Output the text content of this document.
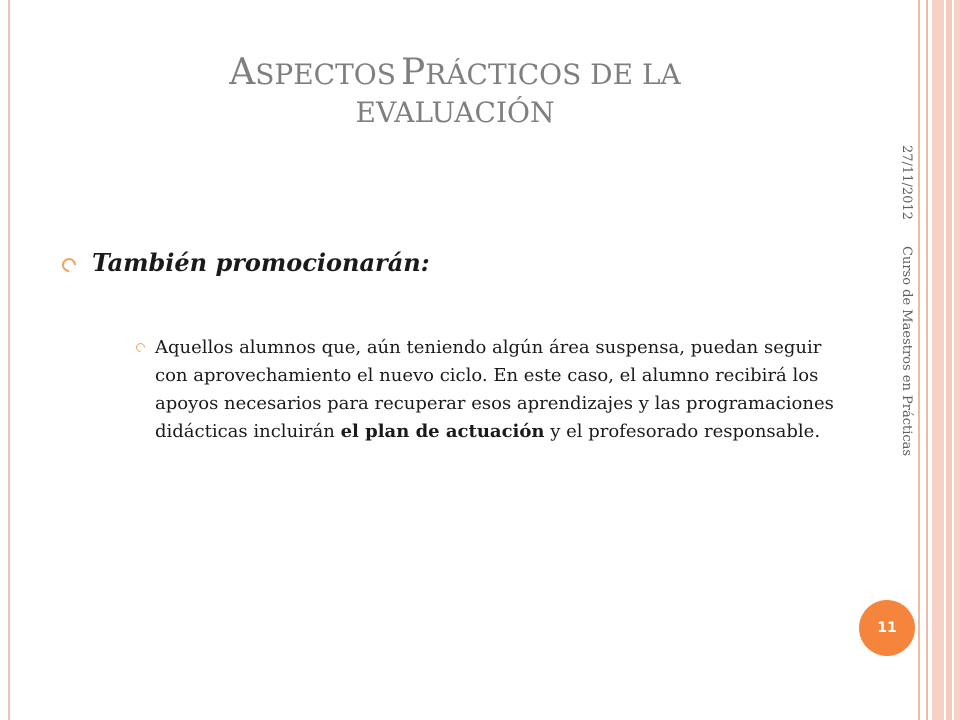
ASPECTOS PRÁCTICOS DE LA
EVALUACIÓN
27/11/2012 Curso de Maestros en Prácticas
También promocionarán:
Aquellos alumnos que, aún teniendo algún área suspensa, puedan seguir con aprovechamiento el nuevo ciclo. En este caso, el alumno recibirá los apoyos necesarios para recuperar esos aprendizajes y las programaciones didácticas incluirán el plan de actuación y el profesorado responsable.
11
